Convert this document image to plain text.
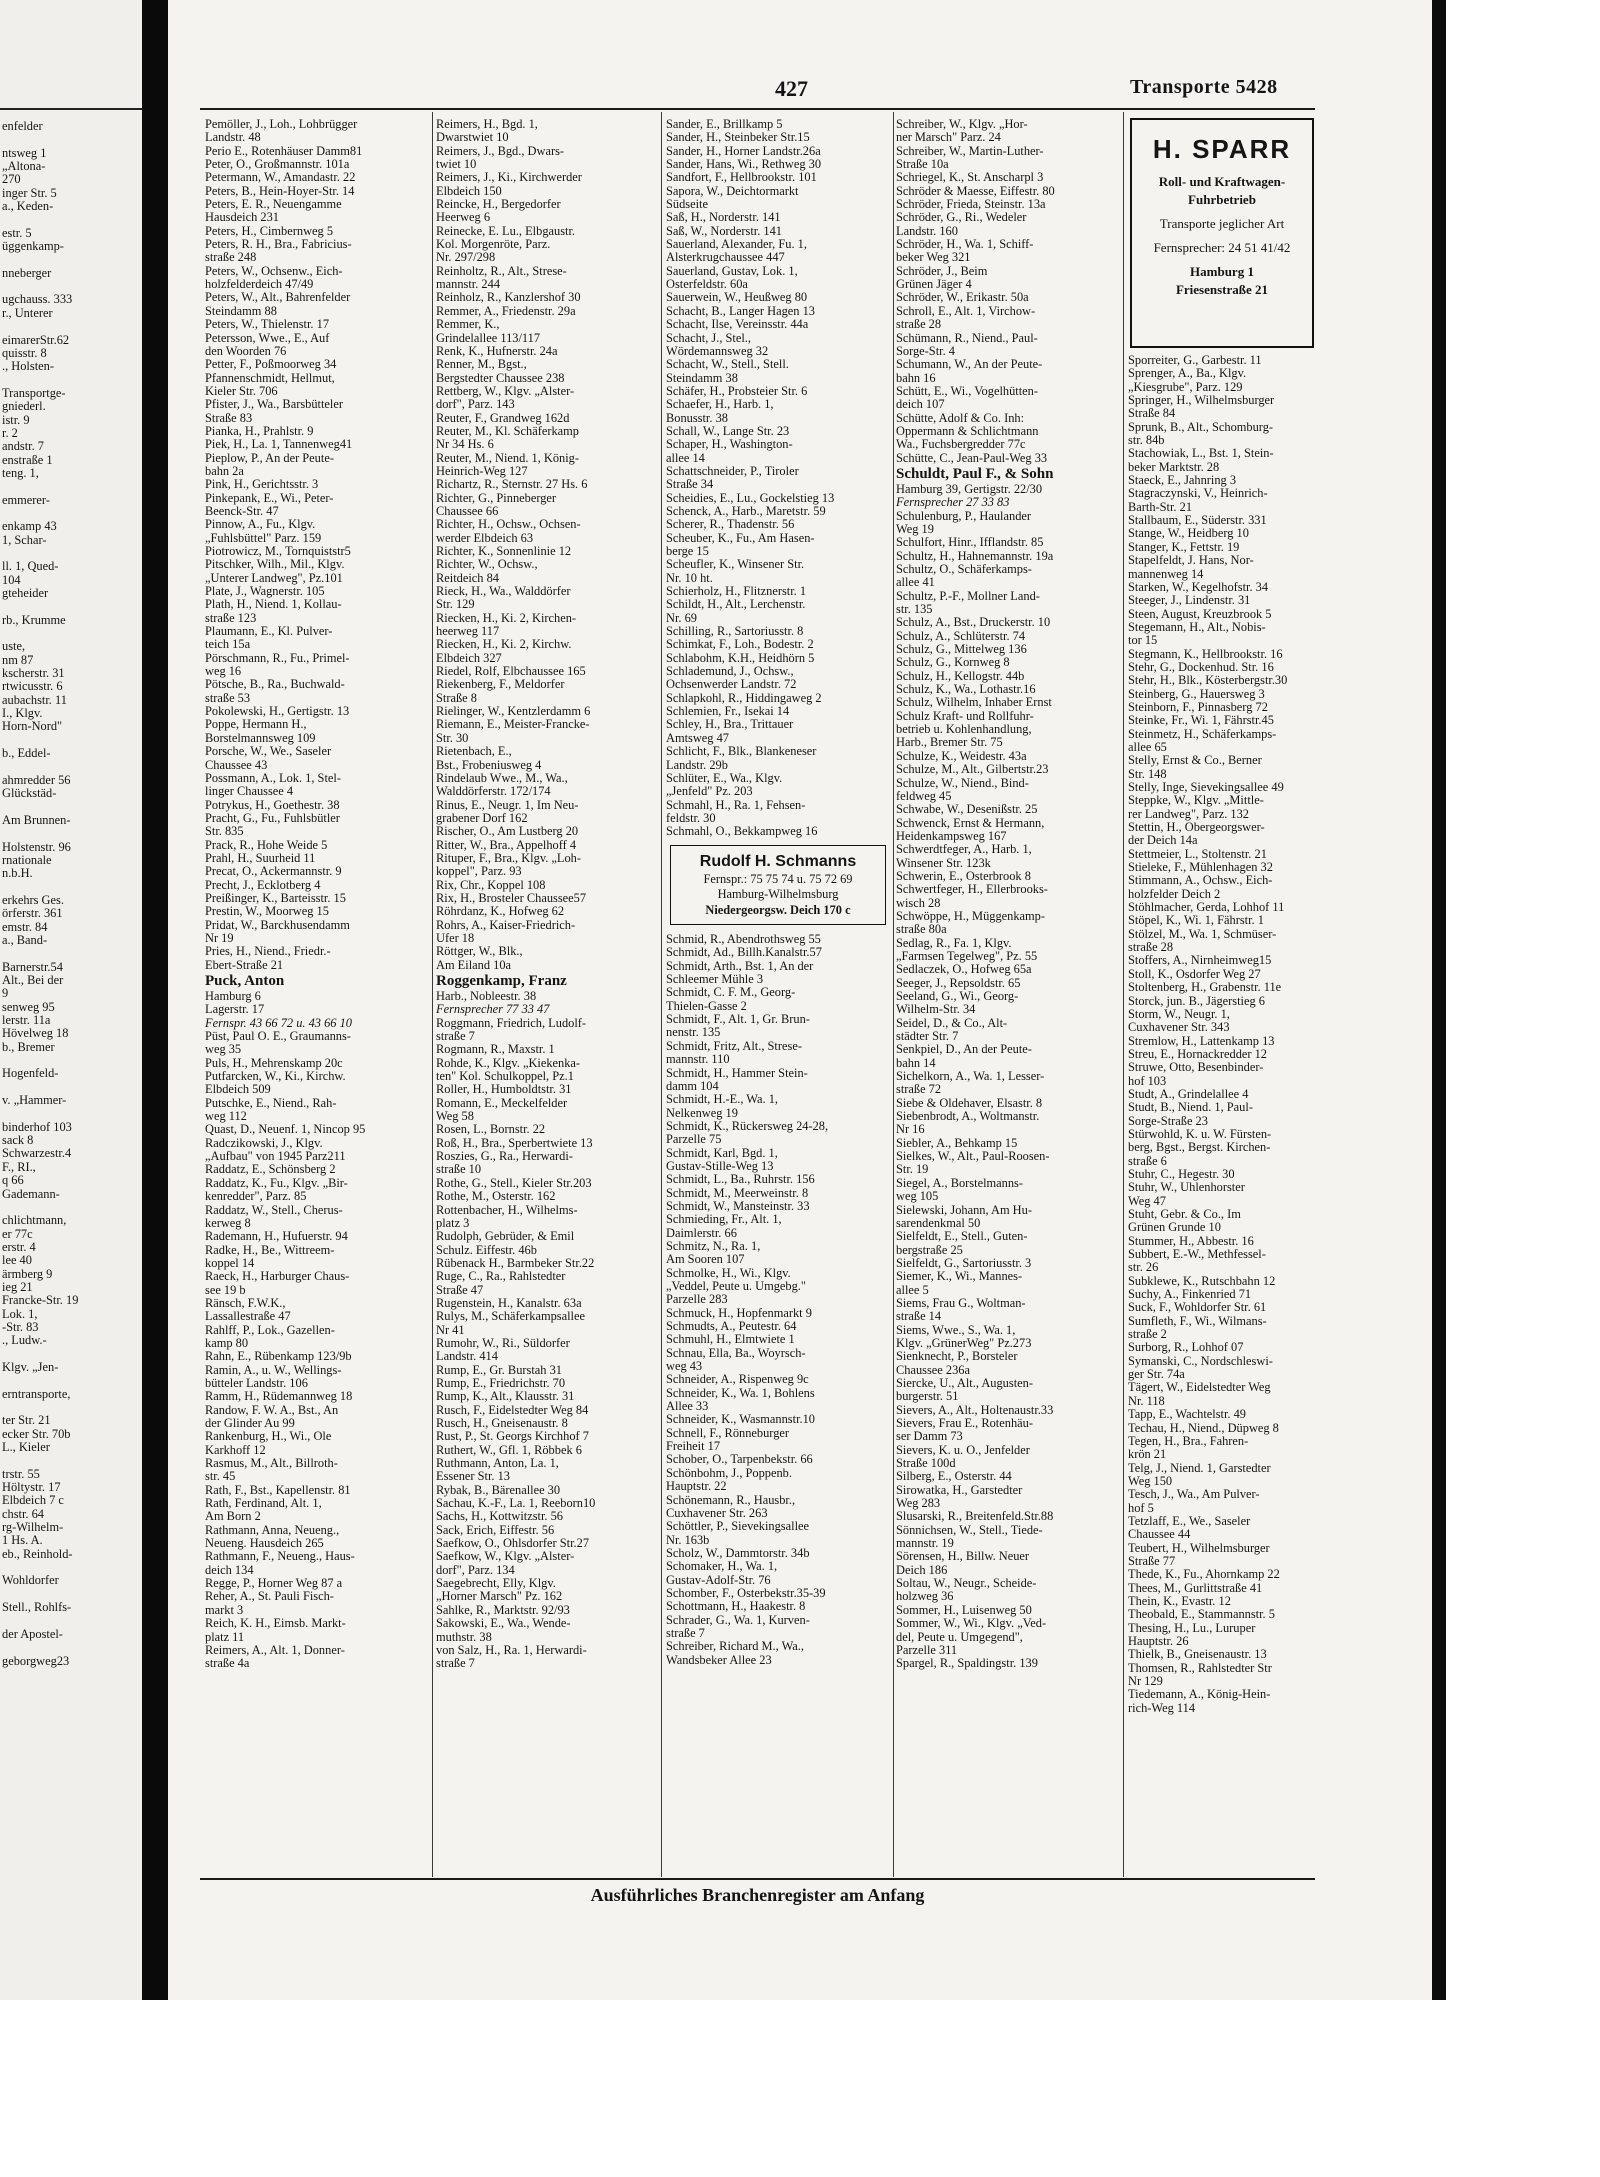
enfelder
ntsweg 1
„Altona-
270
inger Str. 5
a., Keden-
estr. 5
üggenkamp-
nneberger
ugchauss. 333
r., Unterer
eimarerStr.62
quisstr. 8
., Holsten-
Transportge-
gniederl.
istr. 9
r. 2
andstr. 7
enstraße 1
teng. 1,
emmerer-
enkamp 43
1, Schar-
ll. 1, Qued-
104
gteheider
rb., Krumme
uste,
nm 87
kscherstr. 31
rtwicusstr. 6
aubachstr. 11
I., Klgv.
Horn-Nord"
b., Eddel-
ahmredder 56
Glückstäd-
Am Brunnen-
Holstenstr. 96
rnationale
n.b.H.
erkehrs Ges.
örferstr. 361
emstr. 84
a., Band-
Barnerstr.54
Alt., Bei der
9
senweg 95
lerstr. 11a
Hövelweg 18
b., Bremer
Hogenfeld-
v. „Hammer-
binderhof 103
sack 8
Schwarzestr.4
F., RI.,
q 66
Gademann-
chlichtmann,
er 77c
erstr. 4
lee 40
ärmberg 9
ieg 21
Francke-Str. 19
Lok. 1,
-Str. 83
., Ludw.-
Klgv. „Jen-
erntransporte,
ter Str. 21
ecker Str. 70b
L., Kieler
trstr. 55
Höltystr. 17
Elbdeich 7 c
chstr. 64
rg-Wilhelm-
1 Hs. A.
eb., Reinhold-
Wohldorfer
Stell., Rohlfs-
der Apostel-
geborgweg23
427	Transporte 5428
Pemöller, J., Loh., Lohbrügger
Landstr. 48
Perio E., Rotenhäuser Damm81
Peter, O., Großmannstr. 101a
Petermann, W., Amandastr. 22
Peters, B., Hein-Hoyer-Str. 14
Peters, E. R., Neuengamme
Hausdeich 231
Peters, H., Cimbernweg 5
Peters, R. H., Bra., Fabricius-
straße 248
Peters, W., Ochsenw., Eich-
holzfelderdeich 47/49
Peters, W., Alt., Bahrenfelder
Steindamm 88
Peters, W., Thielenstr. 17
Petersson, Wwe., E., Auf
den Woorden 76
Petter, F., Poßmoorweg 34
Pfannenschmidt, Hellmut,
Kieler Str. 706
Pfister, J., Wa., Barsbütteler
Straße 83
Pianka, H., Prahlstr. 9
Piek, H., La. 1, Tannenweg41
Pieplow, P., An der Peute-
bahn 2a
Pink, H., Gerichtsstr. 3
Pinkepank, E., Wi., Peter-
Beenck-Str. 47
Pinnow, A., Fu., Klgv.
„Fuhlsbüttel" Parz. 159
Piotrowicz, M., Tornquiststr5
Pitschker, Wilh., Mil., Klgv.
„Unterer Landweg", Pz.101
Plate, J., Wagnerstr. 105
Plath, H., Niend. 1, Kollau-
straße 123
Plaumann, E., Kl. Pulver-
teich 15a
Pörschmann, R., Fu., Primel-
weg 16
Pötsche, B., Ra., Buchwald-
straße 53
Pokolewski, H., Gertigstr. 13
Poppe, Hermann H.,
Borstelmannsweg 109
Porsche, W., We., Saseler
Chaussee 43
Possmann, A., Lok. 1, Stel-
linger Chaussee 4
Potrykus, H., Goethestr. 38
Pracht, G., Fu., Fuhlsbütler
Str. 835
Prack, R., Hohe Weide 5
Prahl, H., Suurheid 11
Precat, O., Ackermannstr. 9
Precht, J., Ecklotberg 4
Preißinger, K., Barteisstr. 15
Prestin, W., Moorweg 15
Pridat, W., Barckhusendamm
Nr 19
Pries, H., Niend., Friedr.-
Ebert-Straße 21
Puck, Anton
Hamburg 6
Lagerstr. 17
Fernspr. 43 66 72 u. 43 66 10
Püst, Paul O. E., Graumanns-
weg 35
Puls, H., Mehrenskamp 20c
Putfarcken, W., Ki., Kirchw.
Elbdeich 509
Putschke, E., Niend., Rah-
weg 112
Quast, D., Neuenf. 1, Nincop 95
Radczikowski, J., Klgv.
„Aufbau" von 1945 Parz211
Raddatz, E., Schönsberg 2
Raddatz, K., Fu., Klgv. „Bir-
kenredder", Parz. 85
Raddatz, W., Stell., Cherus-
kerweg 8
Rademann, H., Hufuerstr. 94
Radke, H., Be., Wittreem-
koppel 14
Raeck, H., Harburger Chaus-
see 19 b
Ränsch, F.W.K.,
Lassallestraße 47
Rahlff, P., Lok., Gazellen-
kamp 80
Rahn, E., Rübenkamp 123/9b
Ramin, A., u. W., Wellings-
bütteler Landstr. 106
Ramm, H., Rüdemannweg 18
Randow, F. W. A., Bst., An
der Glinder Au 99
Rankenburg, H., Wi., Ole
Karkhoff 12
Rasmus, M., Alt., Billroth-
str. 45
Rath, F., Bst., Kapellenstr. 81
Rath, Ferdinand, Alt. 1,
Am Born 2
Rathmann, Anna, Neueng.,
Neueng. Hausdeich 265
Rathmann, F., Neueng., Haus-
deich 134
Regge, P., Horner Weg 87 a
Reher, A., St. Pauli Fisch-
markt 3
Reich, K. H., Eimsb. Markt-
platz 11
Reimers, A., Alt. 1, Donner-
straße 4a
Reimers, H., Bgd. 1,
Dwarstwiet 10
Reimers, J., Bgd., Dwars-
twiet 10
Reimers, J., Ki., Kirchwerder
Elbdeich 150
Reincke, H., Bergedorfer
Heerweg 6
Reinecke, E. Lu., Elbgaustr.
Kol. Morgenröte, Parz.
Nr. 297/298
Reinholtz, R., Alt., Strese-
mannstr. 244
Reinholz, R., Kanzlershof 30
Remmer, A., Friedenstr. 29a
Remmer, K.,
Grindelallee 113/117
Renk, K., Hufnerstr. 24a
Renner, M., Bgst.,
Bergstedter Chaussee 238
Rettberg, W., Klgv. „Alster-
dorf", Parz. 143
Reuter, F., Grandweg 162d
Reuter, M., Kl. Schäferkamp
Nr 34 Hs. 6
Reuter, M., Niend. 1, König-
Heinrich-Weg 127
Richartz, R., Sternstr. 27 Hs. 6
Richter, G., Pinneberger
Chaussee 66
Richter, H., Ochsw., Ochsen-
werder Elbdeich 63
Richter, K., Sonnenlinie 12
Richter, W., Ochsw.,
Reitdeich 84
Rieck, H., Wa., Walddörfer
Str. 129
Riecken, H., Ki. 2, Kirchen-
heerweg 117
Riecken, H., Ki. 2, Kirchw.
Elbdeich 327
Riedel, Rolf, Elbchaussee 165
Riekenberg, F., Meldorfer
Straße 8
Rielinger, W., Kentzlerdamm 6
Riemann, E., Meister-Francke-
Str. 30
Rietenbach, E.,
Bst., Frobeniusweg 4
Rindelaub Wwe., M., Wa.,
Walddörferstr. 172/174
Rinus, E., Neugr. 1, Im Neu-
grabener Dorf 162
Rischer, O., Am Lustberg 20
Ritter, W., Bra., Appelhoff 4
Rituper, F., Bra., Klgv. „Loh-
koppel", Parz. 93
Rix, Chr., Koppel 108
Rix, H., Brosteler Chaussee57
Röhrdanz, K., Hofweg 62
Rohrs, A., Kaiser-Friedrich-
Ufer 18
Röttger, W., Blk.,
Am Eiland 10a
Roggenkamp, Franz
Harb., Nobleestr. 38
Fernsprecher 77 33 47
Roggmann, Friedrich, Ludolf-
straße 7
Rogmann, R., Maxstr. 1
Rohde, K., Klgv. „Kiekenka-
ten" Kol. Schulkoppel, Pz.1
Roller, H., Humboldtstr. 31
Romann, E., Meckelfelder
Weg 58
Rosen, L., Bornstr. 22
Roß, H., Bra., Sperbertwiete 13
Roszies, G., Ra., Herwardi-
straße 10
Rothe, G., Stell., Kieler Str.203
Rothe, M., Osterstr. 162
Rottenbacher, H., Wilhelms-
platz 3
Rudolph, Gebrüder, & Emil
Schulz. Eiffestr. 46b
Rübenack H., Barmbeker Str.22
Ruge, C., Ra., Rahlstedter
Straße 47
Rugenstein, H., Kanalstr. 63a
Rulys, M., Schäferkampsallee
Nr 41
Rumohr, W., Ri., Süldorfer
Landstr. 414
Rump, E., Gr. Burstah 31
Rump, E., Friedrichstr. 70
Rump, K., Alt., Klausstr. 31
Rusch, F., Eidelstedter Weg 84
Rusch, H., Gneisenaustr. 8
Rust, P., St. Georgs Kirchhof 7
Ruthert, W., Gfl. 1, Röbbek 6
Ruthmann, Anton, La. 1,
Essener Str. 13
Rybak, B., Bärenallee 30
Sachau, K.-F., La. 1, Reeborn10
Sachs, H., Kottwitzstr. 56
Sack, Erich, Eiffestr. 56
Saefkow, O., Ohlsdorfer Str.27
Saefkow, W., Klgv. „Alster-
dorf", Parz. 134
Saegebrecht, Elly, Klgv.
„Horner Marsch" Pz. 162
Sahlke, R., Marktstr. 92/93
Sakowski, E., Wa., Wende-
muthstr. 38
von Salz, H., Ra. 1, Herwardi-
straße 7
Sander, E., Brillkamp 5
Sander, H., Steinbeker Str.15
Sander, H., Horner Landstr.26a
Sander, Hans, Wi., Rethweg 30
Sandfort, F., Hellbrookstr. 101
Sapora, W., Deichtormarkt
Südseite
Saß, H., Norderstr. 141
Saß, W., Norderstr. 141
Sauerland, Alexander, Fu. 1,
Alsterkrugchaussee 447
Sauerland, Gustav, Lok. 1,
Osterfeldstr. 60a
Sauerwein, W., Heußweg 80
Schacht, B., Langer Hagen 13
Schacht, Ilse, Vereinsstr. 44a
Schacht, J., Stel.,
Wördemannsweg 32
Schacht, W., Stell., Stell.
Steindamm 38
Schäfer, H., Probsteier Str. 6
Schaefer, H., Harb. 1,
Bonusstr. 38
Schall, W., Lange Str. 23
Schaper, H., Washington-
allee 14
Schattschneider, P., Tiroler
Straße 34
Scheidies, E., Lu., Gockelstieg 13
Schenck, A., Harb., Maretstr. 59
Scherer, R., Thadenstr. 56
Scheuber, K., Fu., Am Hasen-
berge 15
Scheufler, K., Winsener Str.
Nr. 10 ht.
Schierholz, H., Flitznerstr. 1
Schildt, H., Alt., Lerchenstr.
Nr. 69
Schilling, R., Sartoriusstr. 8
Schimkat, F., Loh., Bodestr. 2
Schlabohm, K.H., Heidhörn 5
Schlademund, J., Ochsw.,
Ochsenwerder Landstr. 72
Schlapkohl, R., Hiddingaweg 2
Schlemien, Fr., Isekai 14
Schley, H., Bra., Trittauer
Amtsweg 47
Schlicht, F., Blk., Blankeneser
Landstr. 29b
Schlüter, E., Wa., Klgv.
„Jenfeld" Pz. 203
Schmahl, H., Ra. 1, Fehsen-
feldstr. 30
Schmahl, O., Bekkampweg 16
Rudolf H. Schmanns
Fernspr.: 75 75 74 u. 75 72 69
Hamburg-Wilhelmsburg
Niedergeorgsw. Deich 170 c
Schmid, R., Abendrothsweg 55
Schmidt, Ad., Billh.Kanalstr.57
Schmidt, Arth., Bst. 1, An der
Schleemer Mühle 3
Schmidt, C. F. M., Georg-
Thielen-Gasse 2
Schmidt, F., Alt. 1, Gr. Brun-
nenstr. 135
Schmidt, Fritz, Alt., Strese-
mannstr. 110
Schmidt, H., Hammer Stein-
damm 104
Schmidt, H.-E., Wa. 1,
Nelkenweg 19
Schmidt, K., Rückersweg 24-28,
Parzelle 75
Schmidt, Karl, Bgd. 1,
Gustav-Stille-Weg 13
Schmidt, L., Ba., Ruhrstr. 156
Schmidt, M., Meerweinstr. 8
Schmidt, W., Mansteinstr. 33
Schmieding, Fr., Alt. 1,
Daimlerstr. 66
Schmitz, N., Ra. 1,
Am Sooren 107
Schmolke, H., Wi., Klgv.
„Veddel, Peute u. Umgebg."
Parzelle 283
Schmuck, H., Hopfenmarkt 9
Schmudts, A., Peutestr. 64
Schmuhl, H., Elmtwiete 1
Schnau, Ella, Ba., Woyrsch-
weg 43
Schneider, A., Rispenweg 9c
Schneider, K., Wa. 1, Bohlens
Allee 33
Schneider, K., Wasmannstr.10
Schnell, F., Rönneburger
Freiheit 17
Schober, O., Tarpenbekstr. 66
Schönbohm, J., Poppenb.
Hauptstr. 22
Schönemann, R., Hausbr.,
Cuxhavener Str. 263
Schöttler, P., Sievekingsallee
Nr. 163b
Scholz, W., Dammtorstr. 34b
Schomaker, H., Wa. 1,
Gustav-Adolf-Str. 76
Schomber, F., Osterbekstr.35-39
Schottmann, H., Haakestr. 8
Schrader, G., Wa. 1, Kurven-
straße 7
Schreiber, Richard M., Wa.,
Wandsbeker Allee 23
Schreiber, W., Klgv. „Hor-
ner Marsch" Parz. 24
Schreiber, W., Martin-Luther-
Straße 10a
Schriegel, K., St. Anscharpl 3
Schröder & Maesse, Eiffestr. 80
Schröder, Frieda, Steinstr. 13a
Schröder, G., Ri., Wedeler
Landstr. 160
Schröder, H., Wa. 1, Schiff-
beker Weg 321
Schröder, J., Beim
Grünen Jäger 4
Schröder, W., Erikastr. 50a
Schroll, E., Alt. 1, Virchow-
straße 28
Schümann, R., Niend., Paul-
Sorge-Str. 4
Schumann, W., An der Peute-
bahn 16
Schütt, E., Wi., Vogelhütten-
deich 107
Schütte, Adolf & Co. Inh:
Oppermann & Schlichtmann
Wa., Fuchsbergredder 77c
Schütte, C., Jean-Paul-Weg 33
Schuldt, Paul F., & Sohn
Hamburg 39, Gertigstr. 22/30
Fernsprecher 27 33 83
Schulenburg, P., Haulander
Weg 19
Schulfort, Hinr., Ifflandstr. 85
Schultz, H., Hahnemannstr. 19a
Schultz, O., Schäferkamps-
allee 41
Schultz, P.-F., Mollner Land-
str. 135
Schulz, A., Bst., Druckerstr. 10
Schulz, A., Schlüterstr. 74
Schulz, G., Mittelweg 136
Schulz, G., Kornweg 8
Schulz, H., Kellogstr. 44b
Schulz, K., Wa., Lothastr.16
Schulz, Wilhelm, Inhaber Ernst
Schulz Kraft- und Rollfuhr-
betrieb u. Kohlenhandlung,
Harb., Bremer Str. 75
Schulze, K., Weidestr. 43a
Schulze, M., Alt., Gilbertstr.23
Schulze, W., Niend., Bind-
feldweg 45
Schwabe, W., Desenißstr. 25
Schwenck, Ernst & Hermann,
Heidenkampsweg 167
Schwerdtfeger, A., Harb. 1,
Winsener Str. 123k
Schwerin, E., Osterbrook 8
Schwertfeger, H., Ellerbrooks-
wisch 28
Schwöppe, H., Müggenkamp-
straße 80a
Sedlag, R., Fa. 1, Klgv.
„Farmsen Tegelweg", Pz. 55
Sedlaczek, O., Hofweg 65a
Seeger, J., Repsoldstr. 65
Seeland, G., Wi., Georg-
Wilhelm-Str. 34
Seidel, D., & Co., Alt-
städter Str. 7
Senkpiel, D., An der Peute-
bahn 14
Sichelkorn, A., Wa. 1, Lesser-
straße 72
Siebe & Oldehaver, Elsastr. 8
Siebenbrodt, A., Woltmanstr.
Nr 16
Siebler, A., Behkamp 15
Sielkes, W., Alt., Paul-Roosen-
Str. 19
Siegel, A., Borstelmanns-
weg 105
Sielewski, Johann, Am Hu-
sarendenkmal 50
Sielfeldt, E., Stell., Guten-
bergstraße 25
Sielfeldt, G., Sartoriusstr. 3
Siemer, K., Wi., Mannes-
allee 5
Siems, Frau G., Woltman-
straße 14
Siems, Wwe., S., Wa. 1,
Klgv. „GrünerWeg" Pz.273
Sienknecht, P., Borsteler
Chaussee 236a
Siercke, U., Alt., Augusten-
burgerstr. 51
Sievers, A., Alt., Holtenaustr.33
Sievers, Frau E., Rotenhäu-
ser Damm 73
Sievers, K. u. O., Jenfelder
Straße 100d
Silberg, E., Osterstr. 44
Sirowatka, H., Garstedter
Weg 283
Slusarski, R., Breitenfeld.Str.88
Sönnichsen, W., Stell., Tiede-
mannstr. 19
Sörensen, H., Billw. Neuer
Deich 186
Soltau, W., Neugr., Scheide-
holzweg 36
Sommer, H., Luisenweg 50
Sommer, W., Wi., Klgv. „Ved-
del, Peute u. Umgegend",
Parzelle 311
Spargel, R., Spaldingstr. 139
H. SPARR
Roll- und Kraftwagen-
Fuhrbetrieb
Transporte jeglicher Art
Fernsprecher: 24 51 41/42
Hamburg 1
Friesenstraße 21
Sporreiter, G., Garbestr. 11
Sprenger, A., Ba., Klgv.
„Kiesgrube", Parz. 129
Springer, H., Wilhelmsburger
Straße 84
Sprunk, B., Alt., Schomburg-
str. 84b
Stachowiak, L., Bst. 1, Stein-
beker Marktstr. 28
Staeck, E., Jahnring 3
Stagraczynski, V., Heinrich-
Barth-Str. 21
Stallbaum, E., Süderstr. 331
Stange, W., Heidberg 10
Stanger, K., Fettstr. 19
Stapelfeldt, J. Hans, Nor-
mannenweg 14
Starken, W., Kegelhofstr. 34
Steeger, J., Lindenstr. 31
Steen, August, Kreuzbrook 5
Stegemann, H., Alt., Nobis-
tor 15
Stegmann, K., Hellbrookstr. 16
Stehr, G., Dockenhud. Str. 16
Stehr, H., Blk., Kösterbergstr.30
Steinberg, G., Hauersweg 3
Steinborn, F., Pinnasberg 72
Steinke, Fr., Wi. 1, Fährstr.45
Steinmetz, H., Schäferkamps-
allee 65
Stelly, Ernst & Co., Berner
Str. 148
Stelly, Inge, Sievekingsallee 49
Steppke, W., Klgv. „Mittle-
rer Landweg", Parz. 132
Stettin, H., Obergeorgswer-
der Deich 14a
Stettmeier, L., Stoltenstr. 21
Stieleke, F., Mühlenhagen 32
Stimmann, A., Ochsw., Eich-
holzfelder Deich 2
Stöhlmacher, Gerda, Lohhof 11
Stöpel, K., Wi. 1, Fährstr. 1
Stölzel, M., Wa. 1, Schmüser-
straße 28
Stoffers, A., Nirnheimweg15
Stoll, K., Osdorfer Weg 27
Stoltenberg, H., Grabenstr. 11e
Storck, jun. B., Jägerstieg 6
Storm, W., Neugr. 1,
Cuxhavener Str. 343
Stremlow, H., Lattenkamp 13
Streu, E., Hornackredder 12
Struwe, Otto, Besenbinder-
hof 103
Studt, A., Grindelallee 4
Studt, B., Niend. 1, Paul-
Sorge-Straße 23
Stürwohld, K. u. W. Fürsten-
berg, Bgst., Bergst. Kirchen-
straße 6
Stuhr, C., Hegestr. 30
Stuhr, W., Uhlenhorster
Weg 47
Stuht, Gebr. & Co., Im
Grünen Grunde 10
Stummer, H., Abbestr. 16
Subbert, E.-W., Methfessel-
str. 26
Subklewe, K., Rutschbahn 12
Suchy, A., Finkenried 71
Suck, F., Wohldorfer Str. 61
Sumfleth, F., Wi., Wilmans-
straße 2
Surborg, R., Lohhof 07
Symanski, C., Nordschleswi-
ger Str. 74a
Tägert, W., Eidelstedter Weg
Nr. 118
Tapp, E., Wachtelstr. 49
Techau, H., Niend., Düpweg 8
Tegen, H., Bra., Fahren-
krön 21
Telg, J., Niend. 1, Garstedter
Weg 150
Tesch, J., Wa., Am Pulver-
hof 5
Tetzlaff, E., We., Saseler
Chaussee 44
Teubert, H., Wilhelmsburger
Straße 77
Thede, K., Fu., Ahornkamp 22
Thees, M., Gurlittstraße 41
Thein, K., Evastr. 12
Theobald, E., Stammannstr. 5
Thesing, H., Lu., Luruper
Hauptstr. 26
Thielk, B., Gneisenaustr. 13
Thomsen, R., Rahlstedter Str
Nr 129
Tiedemann, A., König-Hein-
rich-Weg 114
Ausführliches Branchenregister am Anfang
